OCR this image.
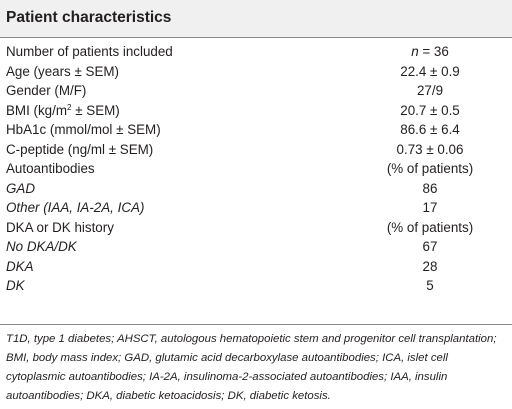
Patient characteristics
Number of patients included	n = 36
Age (years ± SEM)	22.4 ± 0.9
Gender (M/F)	27/9
BMI $(kg/m^2 \pm SEM)$	20.7 ± 0.5
HbA1c (mmol/mol ± SEM)	86.6 ± 6.4
C-peptide (ng/ml ± SEM)	0.73 ± 0.06
Autoantibodies	(% of patients)
GAD	86
Other (IAA, IA-2A, ICA)	17
DKA or DK history	(% of patients)
No DKA/DK	67
DKA	28
DK	5
T1D, type 1 diabetes; AHSCT, autologous hematopoietic stem and progenitor cell transplantation; BMI, body mass index; GAD, glutamic acid decarboxylase autoantibodies; ICA, islet cell cytoplasmic autoantibodies; IA-2A, insulinoma-2-associated autoantibodies; IAA, insulin autoantibodies; DKA, diabetic ketoacidosis; DK, diabetic ketosis.
